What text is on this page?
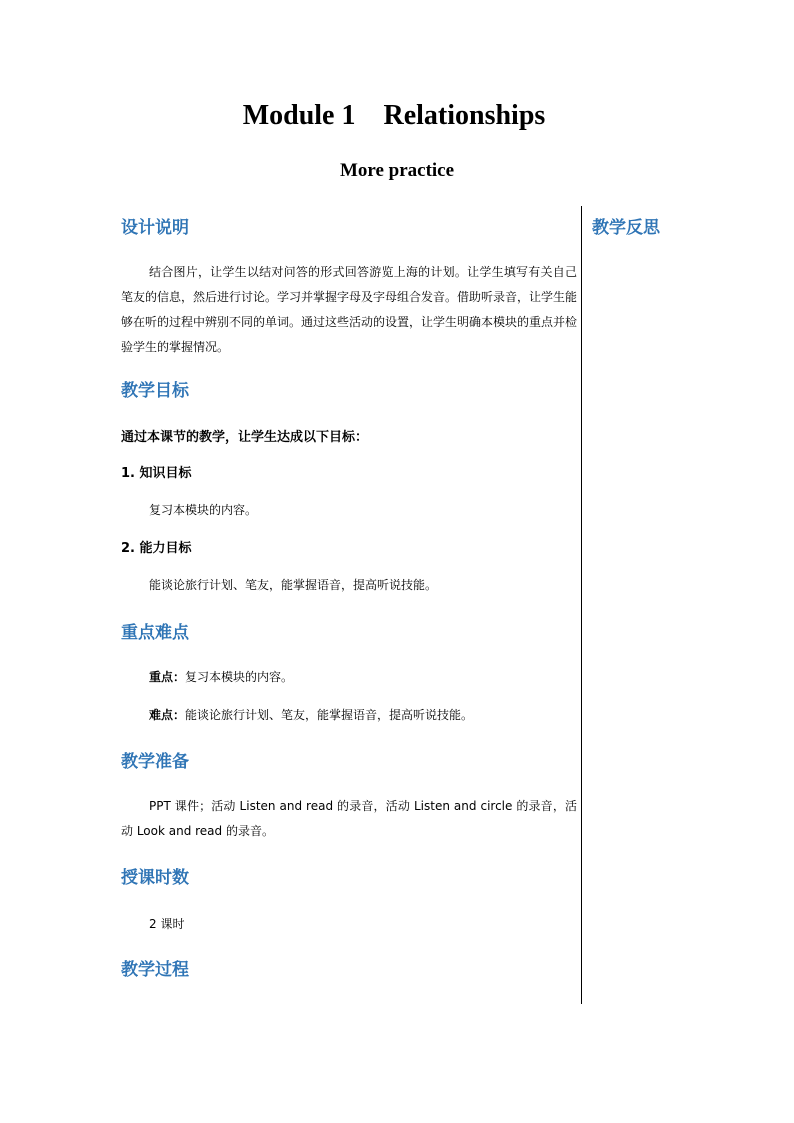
Module 1    Relationships
More practice
教学反思
设计说明
结合图片，让学生以结对问答的形式回答游览上海的计划。让学生填写有关自己笔友的信息，然后进行讨论。学习并掌握字母及字母组合发音。借助听录音，让学生能够在听的过程中辨别不同的单词。通过这些活动的设置，让学生明确本模块的重点并检验学生的掌握情况。
教学目标
通过本课节的教学，让学生达成以下目标：
1. 知识目标
复习本模块的内容。
2. 能力目标
能谈论旅行计划、笔友，能掌握语音，提高听说技能。
重点难点
重点：复习本模块的内容。
难点：能谈论旅行计划、笔友，能掌握语音，提高听说技能。
教学准备
PPT 课件；活动 Listen and read 的录音，活动 Listen and circle 的录音，活动 Look and read 的录音。
授课时数
2 课时
教学过程
